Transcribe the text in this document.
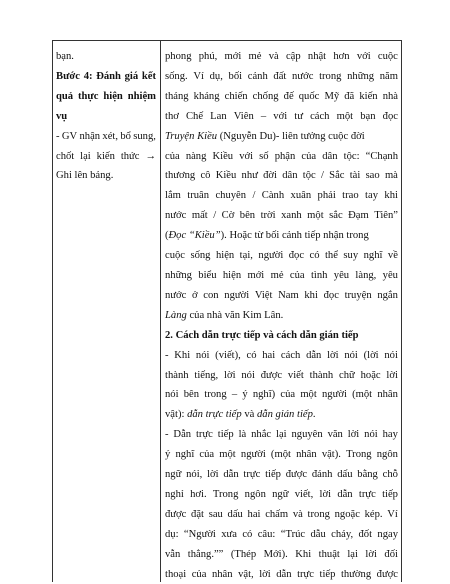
bạn.
Bước 4: Đánh giá kết
quả thực hiện nhiệm
vụ
- GV nhận xét, bổ sung,
chốt lại kiến thức →
Ghi lên bảng.
phong phú, mới mẻ và cập nhật hơn với cuộc
sống. Ví dụ, bối cảnh đất nước trong những năm
tháng kháng chiến chống đế quốc Mỹ đã kiến nhà
thơ Chế Lan Viên – với tư cách một bạn đọc
Truyện Kiều (Nguyễn Du)- liên tưởng cuộc đời
của nàng Kiều với số phận của dân tộc: “Chạnh
thương cô Kiều như đời dân tộc / Sắc tài sao mà
lắm truân chuyên / Cành xuân phải trao tay khi
nước mất / Cờ bên trời xanh một sắc Đạm Tiên”
( Đọc “Kiều” ). Hoặc từ bối cảnh tiếp nhận trong
cuộc sống hiện tại, người đọc có thể suy nghĩ về
những biểu hiện mới mẻ của tình yêu làng, yêu
nước ở con người Việt Nam khi đọc truyện ngắn
Làng của nhà văn Kim Lân.
2. Cách dẫn trực tiếp và cách dẫn gián tiếp
- Khi nói (viết), có hai cách dẫn lời nói (lời nói
thành tiếng, lời nói được viết thành chữ hoặc lời
nói bên trong – ý nghĩ) của một người (một nhân
vật): dẫn trực tiếp và dẫn gián tiếp .
- Dẫn trực tiếp là nhắc lại nguyên văn lời nói hay
ý nghĩ của một người (một nhân vật). Trong ngôn
ngữ nói, lời dẫn trực tiếp được đánh dấu bằng chỗ
nghỉ hơi. Trong ngôn ngữ viết, lời dẫn trực tiếp
được đặt sau dấu hai chấm và trong ngoặc kép. Ví
dụ: “Người xưa có câu: “Trúc dẫu cháy, đốt ngay
vẫn thẳng.”” (Thép Mới). Khi thuật lại lời đối
thoại của nhân vật, lời dẫn trực tiếp thường được
